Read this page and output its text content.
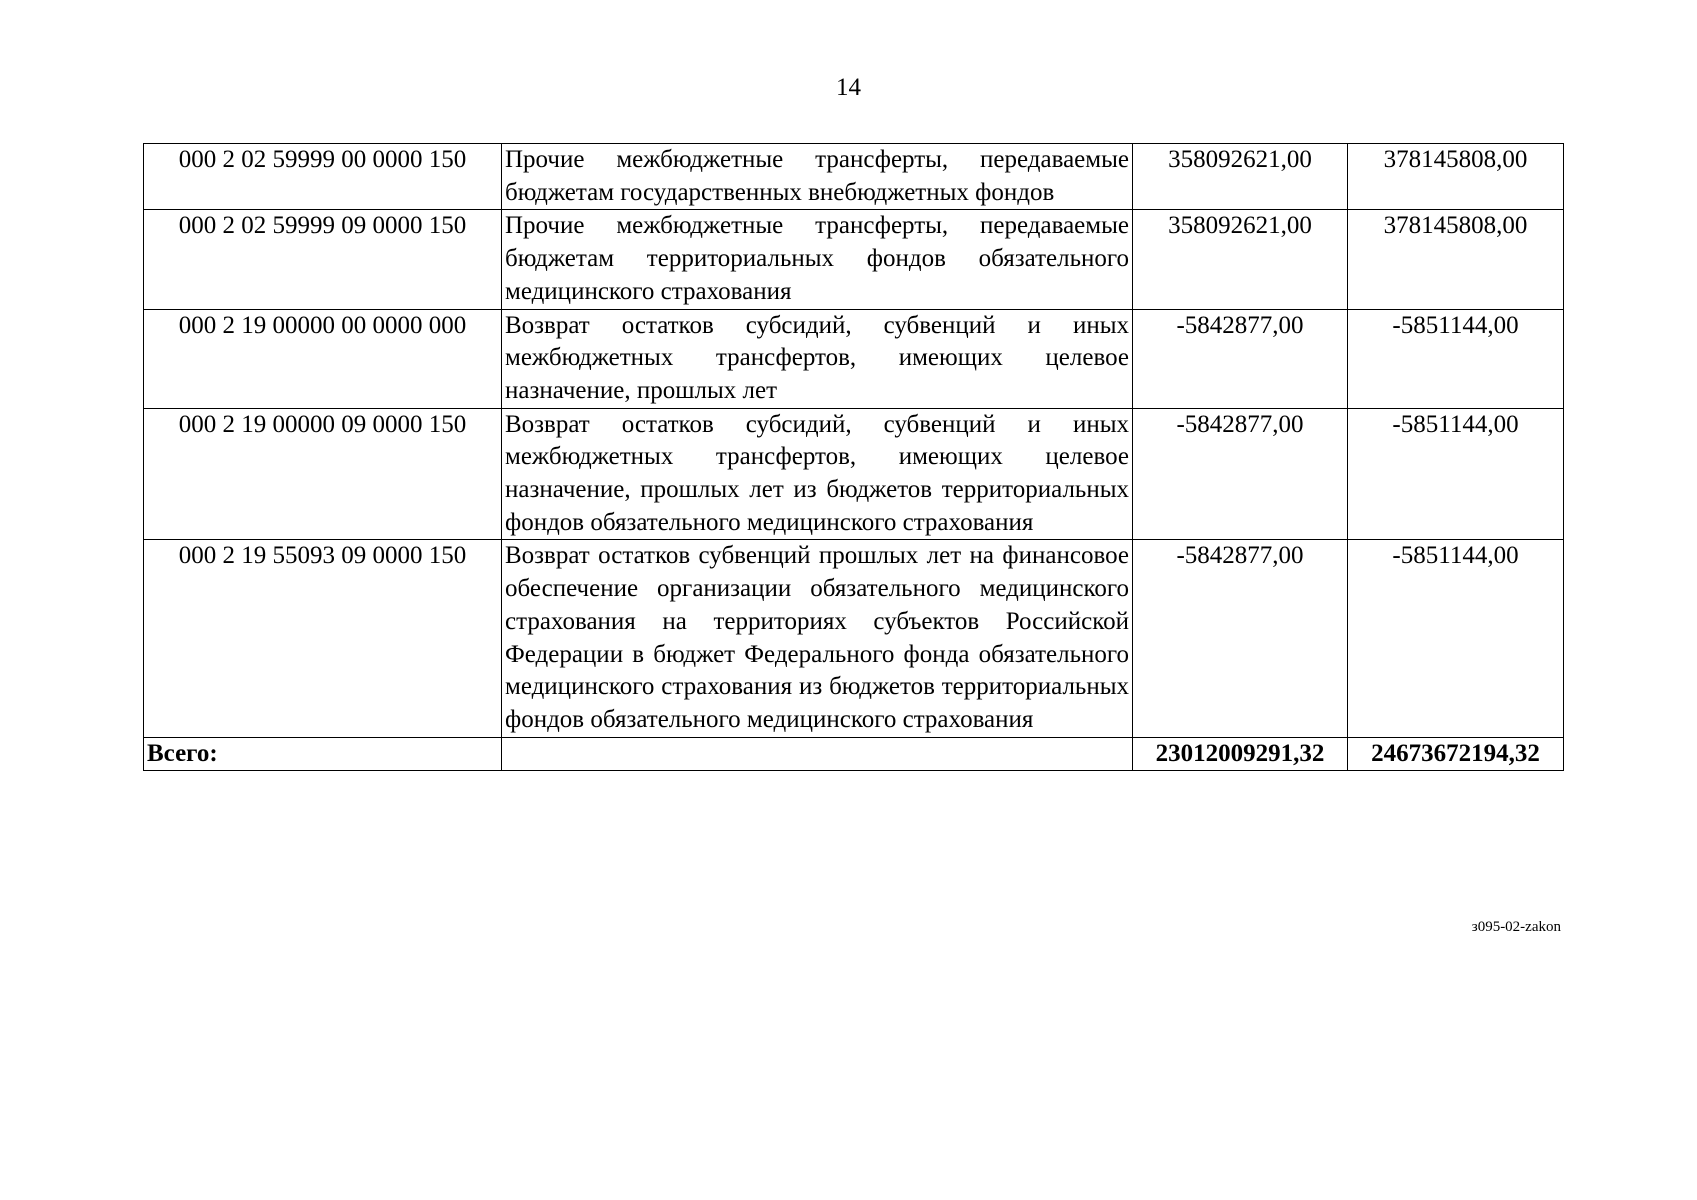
14
000 2 02 59999 00 0000 150	Прочие межбюджетные трансферты, передаваемые бюджетам государственных внебюджетных фондов	358092621,00	378145808,00
000 2 02 59999 09 0000 150	Прочие межбюджетные трансферты, передаваемые бюджетам территориальных фондов обязательного медицинского страхования	358092621,00	378145808,00
000 2 19 00000 00 0000 000	Возврат остатков субсидий, субвенций и иных межбюджетных трансфертов, имеющих целевое назначение, прошлых лет	-5842877,00	-5851144,00
000 2 19 00000 09 0000 150	Возврат остатков субсидий, субвенций и иных межбюджетных трансфертов, имеющих целевое назначение, прошлых лет из бюджетов территориальных фондов обязательного медицинского страхования	-5842877,00	-5851144,00
000 2 19 55093 09 0000 150	Возврат остатков субвенций прошлых лет на финансовое обеспечение организации обязательного медицинского страхования на территориях субъектов Российской Федерации в бюджет Федерального фонда обязательного медицинского страхования из бюджетов территориальных фондов обязательного медицинского страхования	-5842877,00	-5851144,00
Всего:		23012009291,32	24673672194,32
з095-02-zakon
